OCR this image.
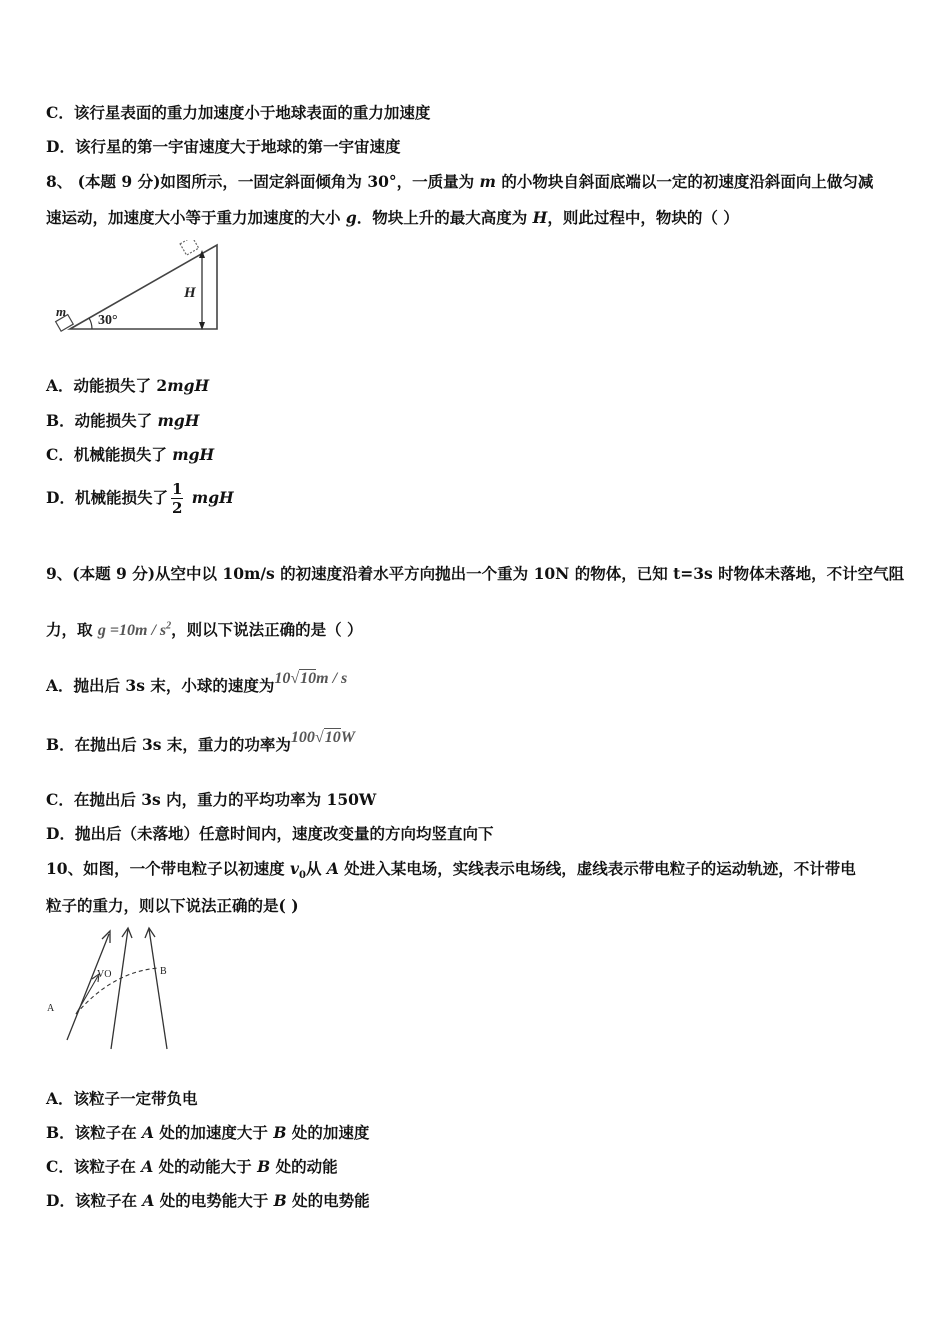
C．该行星表面的重力加速度小于地球表面的重力加速度
D．该行星的第一宇宙速度大于地球的第一宇宙速度
8、 (本题 9 分)如图所示，一固定斜面倾角为 30°，一质量为 m 的小物块自斜面底端以一定的初速度沿斜面向上做匀减
速运动，加速度大小等于重力加速度的大小 g．物块上升的最大高度为 H，则此过程中，物块的（ ）
H
30°
m
A．动能损失了 2mgH
B．动能损失了 mgH
C．机械能损失了 mgH
D．机械能损失了 $\frac{1}{2}$ mgH
9、(本题 9 分)从空中以 10m/s 的初速度沿着水平方向抛出一个重为 10N 的物体，已知 t=3s 时物体未落地，不计空气阻
力，取 $g =10m / s^2$，则以下说法正确的是（ ）
A．抛出后 3s 末，小球的速度为10√10m / s
B．在抛出后 3s 末，重力的功率为100√10W
C．在抛出后 3s 内，重力的平均功率为 150W
D．抛出后（未落地）任意时间内，速度改变量的方向均竖直向下
10、如图，一个带电粒子以初速度 $v_0$从 A 处进入某电场，实线表示电场线，虚线表示带电粒子的运动轨迹，不计带电
粒子的重力，则以下说法正确的是( )
A
B
VO
A．该粒子一定带负电
B．该粒子在 A 处的加速度大于 B 处的加速度
C．该粒子在 A 处的动能大于 B 处的动能
D．该粒子在 A 处的电势能大于 B 处的电势能
